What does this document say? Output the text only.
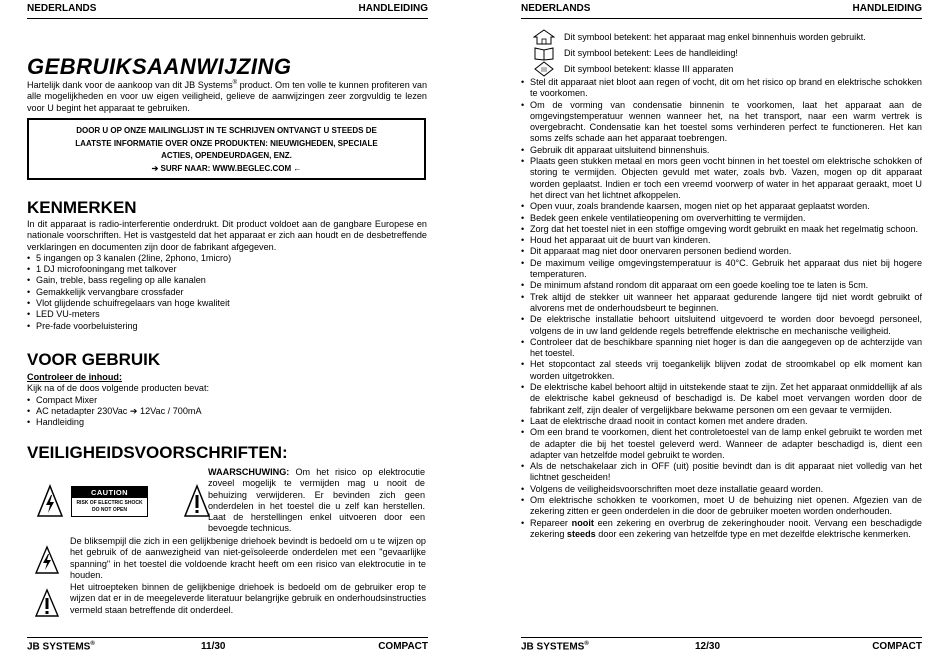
NEDERLANDS	HANDLEIDING
GEBRUIKSAANWIJZING
Hartelijk dank voor de aankoop van dit JB Systems® product. Om ten volle te kunnen profiteren van alle mogelijkheden en voor uw eigen veiligheid, gelieve de aanwijzingen zeer zorgvuldig te lezen voor U begint het apparaat te gebruiken.
DOOR U OP ONZE MAILINGLIJST IN TE SCHRIJVEN ONTVANGT U STEEDS DE
LAATSTE INFORMATIE OVER ONZE PRODUKTEN: NIEUWIGHEDEN, SPECIALE
ACTIES, OPENDEURDAGEN, ENZ.
➔ SURF NAAR: WWW.BEGLEC.COM ←
KENMERKEN

In dit apparaat is radio-interferentie onderdrukt. Dit product voldoet aan de gangbare Europese en nationale voorschriften. Het is vastgesteld dat het apparaat er zich aan houdt en de desbetreffende verklaringen en documenten zijn door de fabrikant afgegeven.

• 5 ingangen op 3 kanalen (2line, 2phono, 1micro)
• 1 DJ microfooningang met talkover
• Gain, treble, bass regeling op alle kanalen
• Gemakkelijk vervangbare crossfader
• Vlot glijdende schuifregelaars van hoge kwaliteit
• LED VU-meters
• Pre-fade voorbeluistering
VOOR GEBRUIK

Controleer de inhoud:

Kijk na of de doos volgende producten bevat:

• Compact Mixer
• AC netadapter 230Vac ➔ 12Vac / 700mA
• Handleiding
VEILIGHEIDSVOORSCHRIFTEN:
CAUTION
RISK OF ELECTRIC SHOCK
DO NOT OPEN
WAARSCHUWING: Om het risico op elektrocutie zoveel mogelijk te vermijden mag u nooit de behuizing verwijderen. Er bevinden zich geen onderdelen in het toestel die u zelf kan herstellen. Laat de herstellingen enkel uitvoeren door een bevoegde technicus.
De bliksempijl die zich in een gelijkbenige driehoek bevindt is bedoeld om u te wijzen op het gebruik of de aanwezigheid van niet-geïsoleerde onderdelen met een "gevaarlijke spanning" in het toestel die voldoende kracht heeft om een risico van elektrocutie in te houden.
Het uitroepteken binnen de gelijkbenige driehoek is bedoeld om de gebruiker erop te wijzen dat er in de meegeleverde literatuur belangrijke gebruik en onderhoudsinstructies vermeld staan betreffende dit onderdeel.
JB SYSTEMS®	11/30	COMPACT
NEDERLANDS	HANDLEIDING
Dit symbool betekent: het apparaat mag enkel binnenhuis worden gebruikt.
Dit symbool betekent: Lees de handleiding!
III Dit symbool betekent: klasse III apparaten
• Stel dit apparaat niet bloot aan regen of vocht, dit om het risico op brand en elektrische schokken te voorkomen.
• Om de vorming van condensatie binnenin te voorkomen, laat het apparaat aan de omgevingstemperatuur wennen wanneer het, na het transport, naar een warm vertrek is overgebracht. Condensatie kan het toestel soms verhinderen perfect te functioneren. Het kan soms zelfs schade aan het apparaat toebrengen.
• Gebruik dit apparaat uitsluitend binnenshuis.
• Plaats geen stukken metaal en mors geen vocht binnen in het toestel om elektrische schokken of storing te vermijden. Objecten gevuld met water, zoals bvb. Vazen, mogen op dit apparaat worden geplaatst. Indien er toch een vreemd voorwerp of water in het apparaat geraakt, moet U het direct van het lichtnet afkoppelen.
• Open vuur, zoals brandende kaarsen, mogen niet op het apparaat geplaatst worden.
• Bedek geen enkele ventilatieopening om oververhitting te vermijden.
• Zorg dat het toestel niet in een stoffige omgeving wordt gebruikt en maak het regelmatig schoon.
• Houd het apparaat uit de buurt van kinderen.
• Dit apparaat mag niet door onervaren personen bediend worden.
• De maximum veilige omgevingstemperatuur is 40°C. Gebruik het apparaat dus niet bij hogere temperaturen.
• De minimum afstand rondom dit apparaat om een goede koeling toe te laten is 5cm.
• Trek altijd de stekker uit wanneer het apparaat gedurende langere tijd niet wordt gebruikt of alvorens met de onderhoudsbeurt te beginnen.
• De elektrische installatie behoort uitsluitend uitgevoerd te worden door bevoegd personeel, volgens de in uw land geldende regels betreffende elektrische en mechanische veiligheid.
• Controleer dat de beschikbare spanning niet hoger is dan die aangegeven op de achterzijde van het toestel.
• Het stopcontact zal steeds vrij toegankelijk blijven zodat de stroomkabel op elk moment kan worden uitgetrokken.
• De elektrische kabel behoort altijd in uitstekende staat te zijn. Zet het apparaat onmiddellijk af als de elektrische kabel gekneusd of beschadigd is. De kabel moet vervangen worden door de fabrikant zelf, zijn dealer of vergelijkbare bekwame personen om een gevaar te vermijden.
• Laat de elektrische draad nooit in contact komen met andere draden.
• Om een brand te voorkomen, dient het controletoestel van de lamp enkel gebruikt te worden met de adapter die bij het toestel geleverd werd. Wanneer de adapter beschadigd is, dient een adapter van hetzelfde model gebruikt te worden.
• Als de netschakelaar zich in OFF (uit) positie bevindt dan is dit apparaat niet volledig van het lichtnet gescheiden!
• Volgens de veiligheidsvoorschriften moet deze installatie geaard worden.
• Om elektrische schokken te voorkomen, moet U de behuizing niet openen. Afgezien van de zekering zitten er geen onderdelen in die door de gebruiker moeten worden onderhouden.
• Repareer nooit een zekering en overbrug de zekeringhouder nooit. Vervang een beschadigde zekering steeds door een zekering van hetzelfde type en met dezelfde elektrische kenmerken.
JB SYSTEMS®	12/30	COMPACT
